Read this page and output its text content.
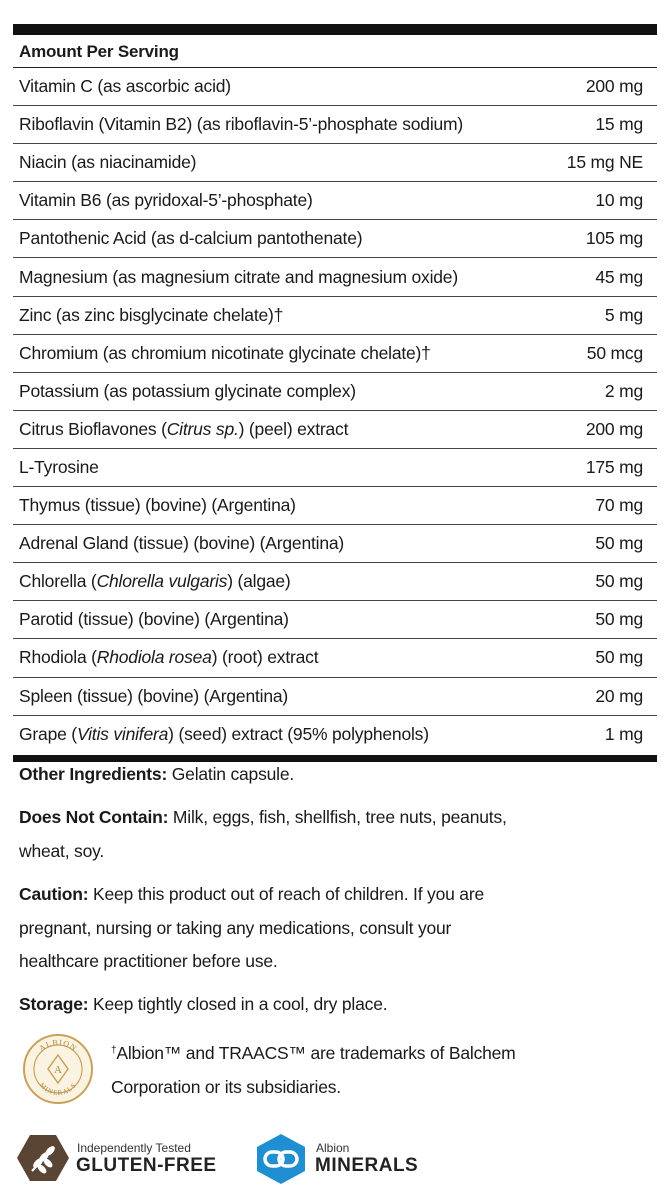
Amount Per Serving
Vitamin C (as ascorbic acid)	200 mg
Riboflavin (Vitamin B2) (as riboflavin-5’-phosphate sodium)	15 mg
Niacin (as niacinamide)	15 mg NE
Vitamin B6 (as pyridoxal-5’-phosphate)	10 mg
Pantothenic Acid (as d-calcium pantothenate)	105 mg
Magnesium (as magnesium citrate and magnesium oxide)	45 mg
Zinc (as zinc bisglycinate chelate)†	5 mg
Chromium (as chromium nicotinate glycinate chelate)†	50 mcg
Potassium (as potassium glycinate complex)	2 mg
Citrus Bioflavones (Citrus sp.) (peel) extract	200 mg
L-Tyrosine	175 mg
Thymus (tissue) (bovine) (Argentina)	70 mg
Adrenal Gland (tissue) (bovine) (Argentina)	50 mg
Chlorella (Chlorella vulgaris) (algae)	50 mg
Parotid (tissue) (bovine) (Argentina)	50 mg
Rhodiola (Rhodiola rosea) (root) extract	50 mg
Spleen (tissue) (bovine) (Argentina)	20 mg
Grape (Vitis vinifera) (seed) extract (95% polyphenols)	1 mg
Other Ingredients: Gelatin capsule.
Does Not Contain: Milk, eggs, fish, shellfish, tree nuts, peanuts, wheat, soy.
Caution: Keep this product out of reach of children. If you are pregnant, nursing or taking any medications, consult your healthcare practitioner before use.
Storage: Keep tightly closed in a cool, dry place.
ALBION
MINERALS
A
†Albion™ and TRAACS™ are trademarks of Balchem Corporation or its subsidiaries.
Independently Tested
GLUTEN-FREE
Albion
MINERALS
